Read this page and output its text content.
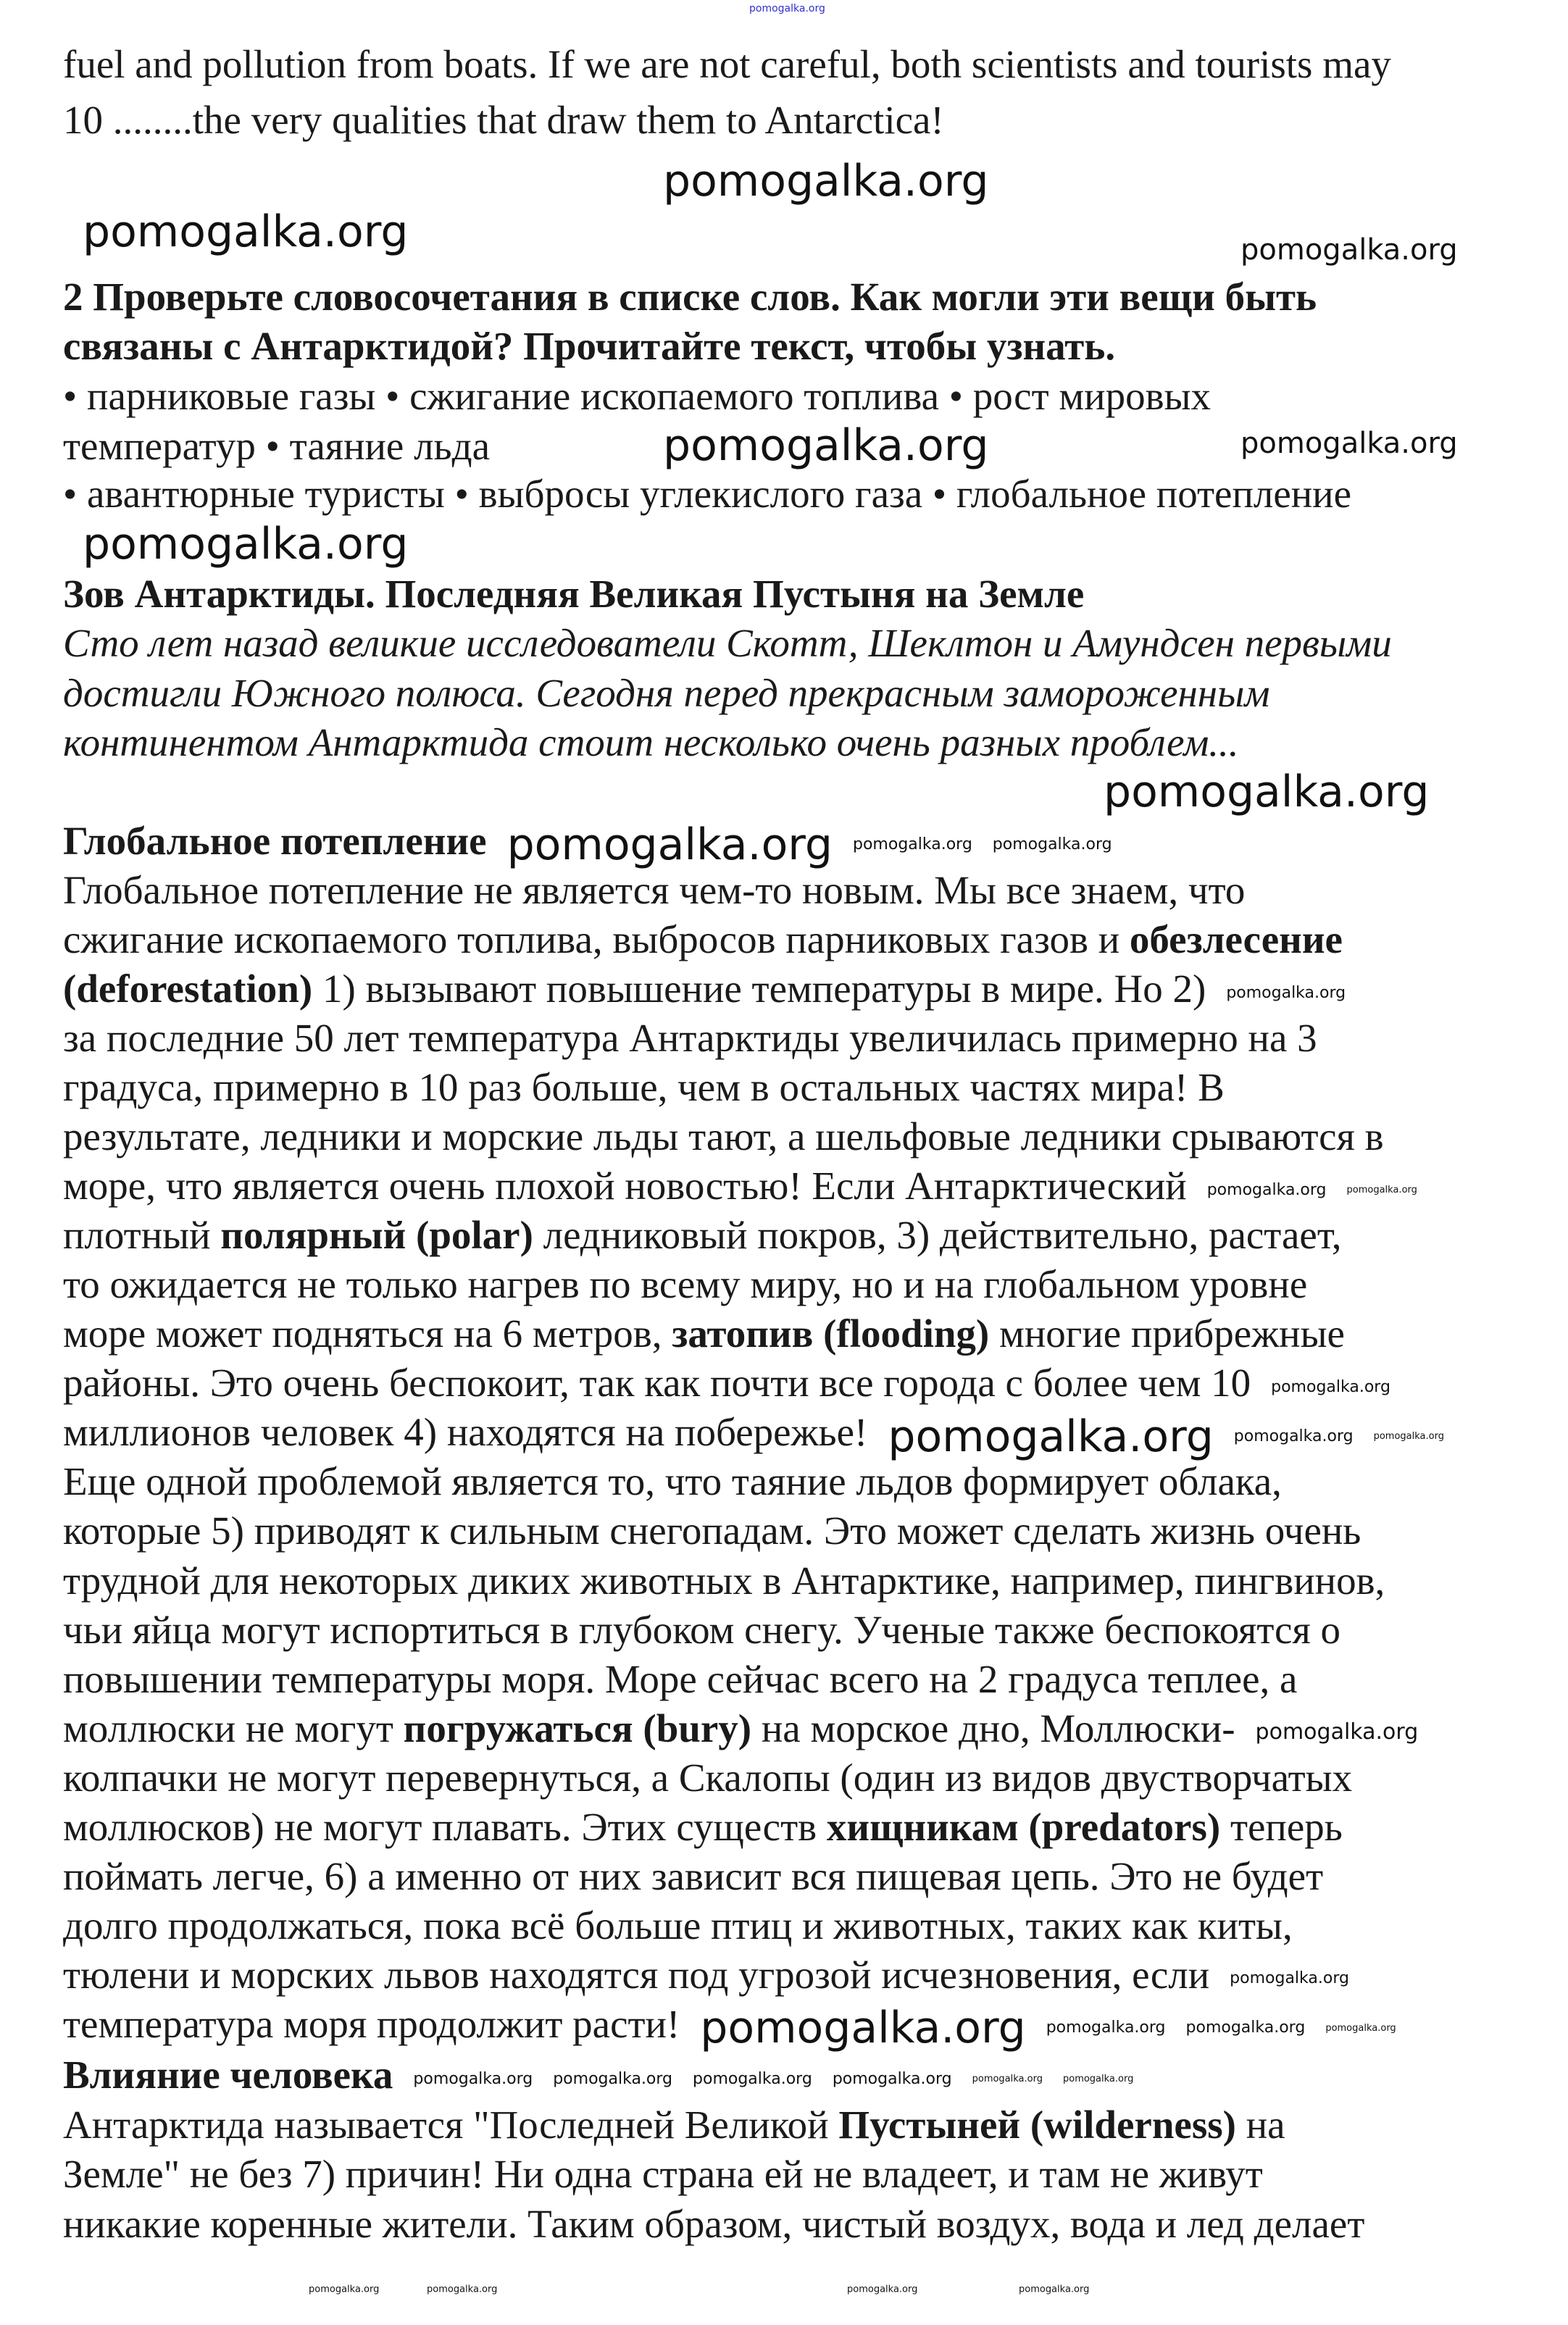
fuel and pollution from boats. If we are not careful, both scientists and tourists may
10 ........the very qualities that draw them to Antarctica!
2 Проверьте словосочетания в списке слов. Как могли эти вещи быть
связаны с Антарктидой? Прочитайте текст, чтобы узнать.
• парниковые газы • сжигание ископаемого топлива • рост мировых
температур • таяние льда
• авантюрные туристы • выбросы углекислого газа • глобальное потепление
Зов Антарктиды. Последняя Великая Пустыня на Земле
Сто лет назад великие исследователи Скотт, Шеклтон и Амундсен первыми
достигли Южного полюса. Сегодня перед прекрасным замороженным
континентом Антарктида стоит несколько очень разных проблем...
Глобальное потепление pomogalka.org pomogalka.org pomogalka.org
Глобальное потепление не является чем-то новым. Мы все знаем, что
сжигание ископаемого топлива, выбросов парниковых газов и обезлесение
(deforestation) 1) вызывают повышение температуры в мире. Но 2) pomogalka.org
за последние 50 лет температура Антарктиды увеличилась примерно на 3
градуса, примерно в 10 раз больше, чем в остальных частях мира! В
результате, ледники и морские льды тают, а шельфовые ледники срываются в
море, что является очень плохой новостью! Если Антарктический pomogalka.org pomogalka.org
плотный полярный (polar) ледниковый покров, 3) действительно, растает,
то ожидается не только нагрев по всему миру, но и на глобальном уровне
море может подняться на 6 метров, затопив (flooding) многие прибрежные
районы. Это очень беспокоит, так как почти все города с более чем 10 pomogalka.org
миллионов человек 4) находятся на побережье! pomogalka.org pomogalka.org pomogalka.org
Еще одной проблемой является то, что таяние льдов формирует облака,
которые 5) приводят к сильным снегопадам. Это может сделать жизнь очень
трудной для некоторых диких животных в Антарктике, например, пингвинов,
чьи яйца могут испортиться в глубоком снегу. Ученые также беспокоятся о
повышении температуры моря. Море сейчас всего на 2 градуса теплее, а
моллюски не могут погружаться (bury) на морское дно, Моллюски- pomogalka.org
колпачки не могут перевернуться, а Скалопы (один из видов двустворчатых
моллюсков) не могут плавать. Этих существ хищникам (predators) теперь
поймать легче, 6) а именно от них зависит вся пищевая цепь. Это не будет
долго продолжаться, пока всё больше птиц и животных, таких как киты,
тюлени и морских львов находятся под угрозой исчезновения, если pomogalka.org
температура моря продолжит расти! pomogalka.org pomogalka.org pomogalka.org pomogalka.org
Влияние человека pomogalka.org pomogalka.org pomogalka.org pomogalka.org pomogalka.org pomogalka.org
Антарктида называется "Последней Великой Пустыней (wilderness) на
Земле" не без 7) причин! Ни одна страна ей не владеет, и там не живут
никакие коренные жители. Таким образом, чистый воздух, вода и лед делает
pomogalka.org
pomogalka.org
pomogalka.org	pomogalka.org
pomogalka.org	pomogalka.org
pomogalka.org
pomogalka.org
pomogalka.org	pomogalka.org	pomogalka.org	pomogalka.org
